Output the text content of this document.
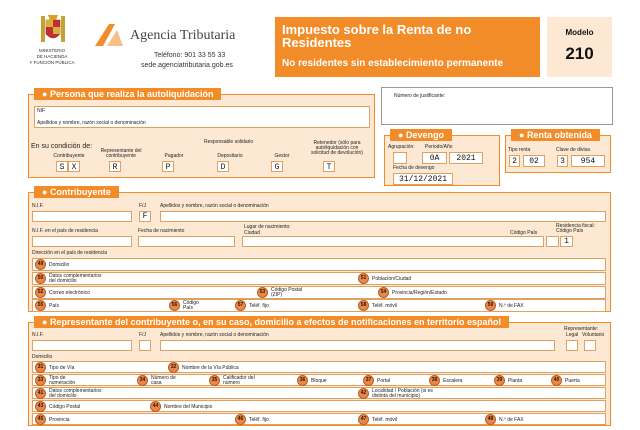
MINISTERIO
DE HACIENDA
Y FUNCIÓN PÚBLICA
Agencia Tributaria
Teléfono: 901 33 55 33
sede.agenciatributaria.gob.es
Impuesto sobre la Renta de no
Residentes
No residentes sin establecimiento permanente
Modelo
210
● Persona que realiza la autoliquidación
NIF
Apellidos y nombre, razón social o denominación
En su condición de:
Responsable solidario
Contribuyente
S X
Representante del contribuyente
R
Pagador
P
Depositario
D
Gestor
G
Retenedor (sólo para autoliquidación con solicitud de devolución)
T
Número de justificante:
● Devengo
Agrupación: Periodo/Año
0A	2021
Fecha de devengo
31/12/2021
● Renta obtenida
Tipo renta	Clave de divisa
2	02	3	954
● Contribuyente
N.I.F.	F/J
F
Apellidos y nombre, razón social o denominación
N.I.F. en el país de residencia	Fecha de nacimiento
Lugar de nacimiento:
Ciudad	Código País
Residencia fiscal: Código País
1
Dirección en el país de residencia
49	Domicilio
50	Datos complementarios del domicilio	51	Población/Ciudad
52	Correo electrónico	53	Código Postal (ZIP)	54	Provincia/Región/Estado
55	País	56	Código País	57	Teléf. fijo	58	Teléf. móvil	59	N.º de FAX
● Representante del contribuyente o, en su caso, domicilio a efectos de notificaciones en territorio español
N.I.F.	F/J	Apellidos y nombre, razón social o denominación
Representante:
Legal Voluntario
Domicilio
31	Tipo de Vía	32	Nombre de la Vía Pública
33	Tipo de numeración	34	Número de casa	35	Calificador del número	36	Bloque	37	Portal	38	Escalera	39	Planta	40	Puerta
41	Datos complementarios del domicilio	42	Localidad / Población (si es distinta del municipio)
43	Código Postal	44	Nombre del Municipio
45	Provincia	46	Teléf. fijo	47	Teléf. móvil	48	N.º de FAX
